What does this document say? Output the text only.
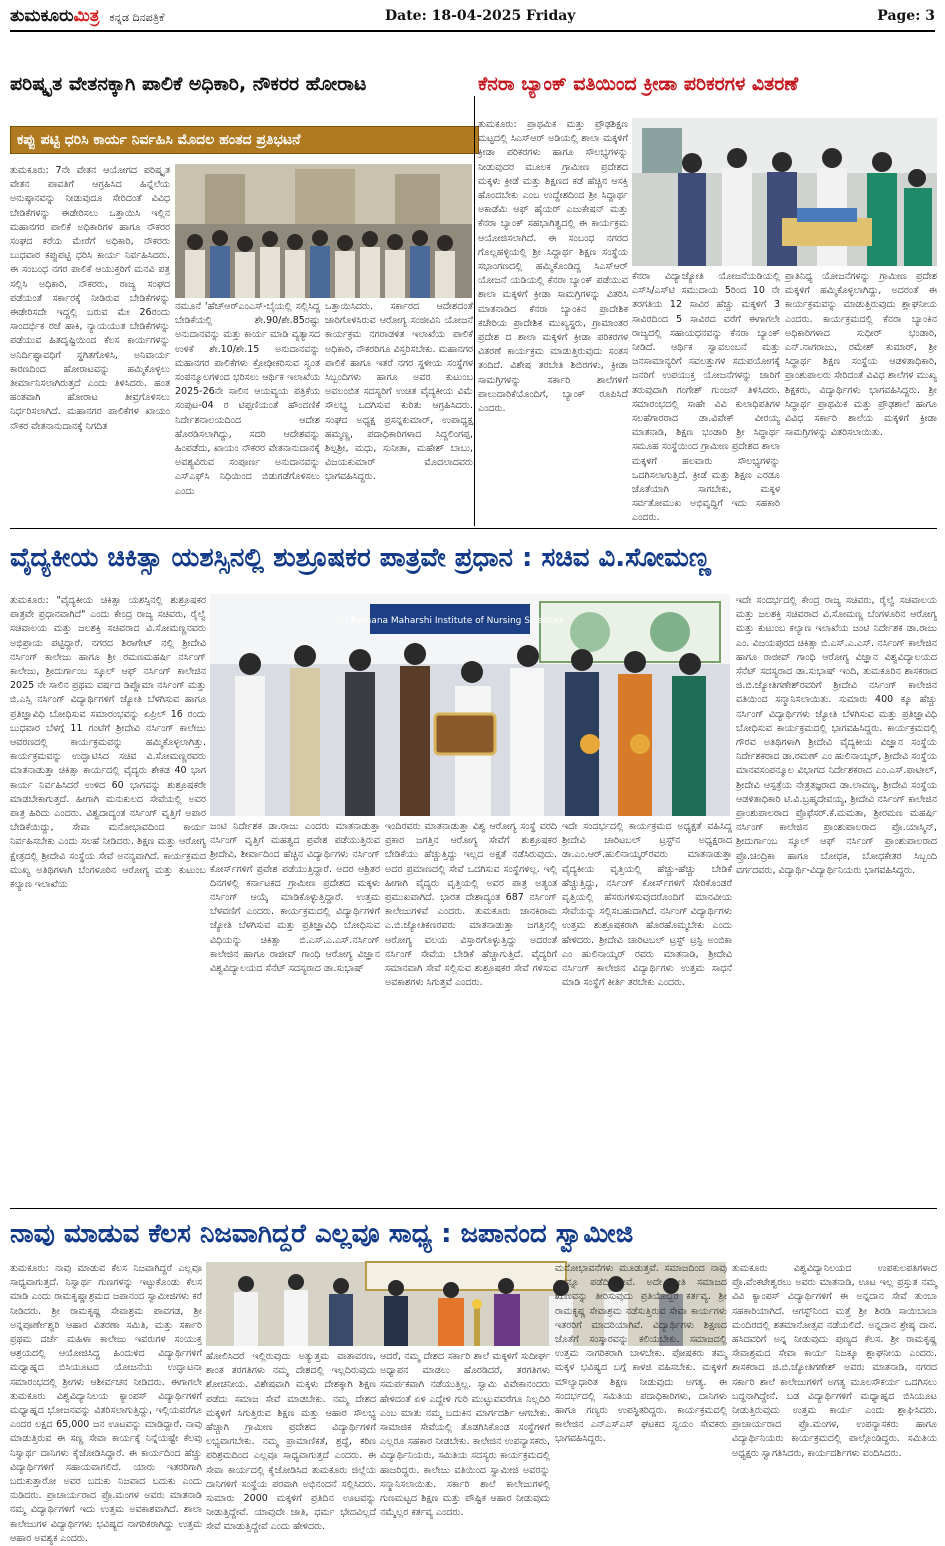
ತುಮಕೂರುಮಿತ್ರ ಕನ್ನಡ ದಿನಪತ್ರಿಕೆ	Date: 18-04-2025 Friday	Page: 3
ಪರಿಷ್ಕೃತ ವೇತನಕ್ಕಾಗಿ ಪಾಲಿಕೆ ಅಧಿಕಾರಿ, ನೌಕರರ ಹೋರಾಟ	ಕೆನರಾ ಬ್ಯಾಂಕ್ ವತಿಯಿಂದ ಕ್ರೀಡಾ ಪರಿಕರಗಳ ವಿತರಣೆ
ಕಪ್ಪು ಪಟ್ಟಿ ಧರಿಸಿ ಕಾರ್ಯ ನಿರ್ವಹಿಸಿ ಮೊದಲ ಹಂತದ ಪ್ರತಿಭಟನೆ
ತುಮಕೂರು: 7ನೇ ವೇತನ ಆಯೋಗದ ಪರಿಷ್ಕೃತ ವೇತನ ಪಾವತಿಗೆ ಆಗ್ರಹಿಸಿದ ಹಿನ್ನೆಲೆಯ ಅನುಷ್ಠಾನವನ್ನು ನೀಡುವುದೂ ಸೇರಿದಂತೆ ವಿವಿಧ ಬೇಡಿಕೆಗಳನ್ನು ಈಡೇರಿಸಲು ಒತ್ತಾಯಿಸಿ ಇಲ್ಲಿನ ಮಹಾನಗರ ಪಾಲಿಕೆ ಅಧಿಕಾರಿಗಳ ಹಾಗೂ ನೌಕರರ ಸಂಘದ ಕರೆಯ ಮೇರೆಗೆ ಅಧಿಕಾರಿ, ನೌಕರರು ಬುಧವಾರ ಕಪ್ಪುಪಟ್ಟಿ ಧರಿಸಿ ಕಾರ್ಯ ನಿರ್ವಹಿಸಿದರು. ಈ ಸಂಬಂಧ ನಗರ ಪಾಲಿಕೆ ಆಯುಕ್ತರಿಗೆ ಮನವಿ ಪತ್ರ ಸಲ್ಲಿಸಿ ಅಧಿಕಾರಿ, ನೌಕರರು, ರಾಜ್ಯ ಸಂಘದ ಪಡೆಯಂತೆ ಸರ್ಕಾರಕ್ಕೆ ನೀಡಿರುವ ಬೇಡಿಕೆಗಳನ್ನು ಈಡೇರಿಸದೇ ಇದ್ದಲ್ಲಿ ಬರುವ ಮೇ 26ರಂದು ಸಾಂದರ್ಭಿಕ ರಜೆ ಹಾಕಿ, ನ್ಯಾಯಯುತ ಬೇಡಿಕೆಗಳನ್ನು ಪಡೆಯುವ ಹಿತದೃಷ್ಟಿಯಿಂದ ಕೆಲಸ ಕಾರ್ಯಗಳನ್ನು ಅನಿರ್ದಿಷ್ಟಾವಧಿಗೆ ಸ್ಥಗಿತಗೊಳಿಸಿ, ಅನಿವಾರ್ಯ ಕಾರಣದಿಂದ ಹೋರಾಟವನ್ನು ಹಮ್ಮಿಕೊಳ್ಳಲು ತೀರ್ಮಾನಿಸಲಾಗಿರುತ್ತದೆ ಎಂದು ತಿಳಿಸಿದರು. ಹಂತ ಹಂತವಾಗಿ ಹೋರಾಟ ತೀವ್ರಗೊಳಿಸಲು ನಿರ್ಧರಿಸಲಾಗಿದೆ. ಮಹಾನಗರ ಪಾಲಿಕೆಗಳ ಖಾಯಂ ನೌಕರ ವೇತನಾನುದಾನಕ್ಕೆ ನಿಗದಿತ
ನಮೂನೆ 'ಹೆಚ್‌ಆರ್‌ಎಂಎಸ್-ಬೈಯಲ್ಲಿ ಸಲ್ಲಿಸಿದ್ದ ಬೇಡಿಕೆಯಲ್ಲಿ ಶೇ.90/ಶೇ.85ರಷ್ಟು ಅನುದಾನವನ್ನು ಮತ್ತು ಕಾರ್ಯ ಮಾಡಿ ವ್ಯತ್ಯಾಸದ ಉಳಿಕೆ ಶೇ.10/ಶೇ.15 ಅನುದಾನವನ್ನು ಮಹಾನಗರ ಪಾಲಿಕೆಗಳು ಕ್ರೋಢೀಕರಿಸುವ ಸ್ವಂತ ಸಂಪನ್ಮೂಲಗಳಿಂದ ಭರಿಸಲು ಆರ್ಥಿಕ ಇಲಾಖೆಯ 2025-26ನೇ ಸಾಲಿನ ಆಯವ್ಯಯ ಪತ್ರಿಕೆಯ ಸಂಪುಟ-04 ರ ಟಿಪ್ಪಣಿಯಂತೆ ಹೌಂದಣಿಕೆ ನಿರ್ದೇಶನಾಲಯದಿಂದ ಆದೇಶ ಹೊರಡಿಸಲಾಗಿದ್ದು, ಸದರಿ ಆದೇಶವನ್ನು ಹಿಂಪಡೆದು, ಖಾಯಂ ನೌಕರರ ವೇತನಾನುದಾನಕ್ಕೆ ಅವಶ್ಯವಿರುವ ಸಂಪೂರ್ಣ ಅನುದಾನವನ್ನು ಎಸ್‌ಎಫ್‌ಸಿ ನಿಧಿಯಿಂದ ಬಿಡುಗಡೆಗೊಳಿಸಲು ಎಂದು
ಒತ್ತಾಯಿಸಿದರು. ಸರ್ಕಾರದ ಆದೇಶದಂತೆ ಜಾರಿಗೊಳಿಸಿರುವ ಆರೋಗ್ಯ ಸಂಜೀವಿನಿ ಯೋಜನೆ ಕಾರ್ಯಕ್ರಮ ನಗರಾಡಳಿತ ಇಲಾಖೆಯ ಪಾಲಿಕೆ ಅಧಿಕಾರಿ, ನೌಕರರಿಗೂ ವಿಸ್ತರಿಸಬೇಕು. ಮಹಾನಗರ ಪಾಲಿಕೆ ಹಾಗೂ ಇತರೆ ನಗರ ಸ್ಥಳೀಯ ಸಂಸ್ಥೆಗಳ ಸಿಬ್ಬಂದಿಗಳು ಹಾಗೂ ಅವರ ಕುಟುಂಬ ಅವಲಂಬಿತ ಸದಸ್ಯರಿಗೆ ಉಚಿತ ವೈದ್ಯಕೀಯ ವಿಮೆ ಸೌಲಭ್ಯ ಒದಗಿಸುವ ಕುರಿತು ಆಗ್ರಹಿಸಿದರು. ಸಂಘದ ಅಧ್ಯಕ್ಷ ಪ್ರಸನ್ನಕುಮಾರ್, ಉಪಾಧ್ಯಕ್ಷ ಹಮ್ಮಣ್ಣ, ಪದಾಧಿಕಾರಿಗಳಾದ ಸಿದ್ದಲಿಂಗಪ್ಪ, ಶಿಲ್ಪಶ್ರೀ, ಮಧು, ಸುನೀತಾ, ಮಹೇಶ್ ಬಾಬು, ವಿಜಯಕುಮಾರ್ ಮೊದಲಾದವರು ಭಾಗವಹಿಸಿದ್ದರು.
ತುಮಕೂರು: ಪ್ರಾಥಮಿಕ ಮತ್ತು ಪ್ರೌಢಶಿಕ್ಷಣ ಮಟ್ಟದಲ್ಲಿ ಸಿಎಸ್‌ಆರ್ ಅಡಿಯಲ್ಲಿ ಶಾಲಾ ಮಕ್ಕಳಿಗೆ ಕ್ರೀಡಾ ಪರಿಕರಗಳು ಹಾಗೂ ಸೌಲಭ್ಯಗಳನ್ನು ನೀಡುವುದರ ಮೂಲಕ ಗ್ರಾಮೀಣ ಪ್ರದೇಶದ ಮಕ್ಕಳು ಕ್ರೀಡೆ ಮತ್ತು ಶಿಕ್ಷಣದ ಕಡೆ ಹೆಚ್ಚಿನ ಆಸಕ್ತಿ ಹೊಂದಬೇಕು ಎಂಬ ಉದ್ದೇಶದಿಂದ ಶ್ರೀ ಸಿದ್ದಾರ್ಥ ಅಕಾಡೆಮಿ ಆಫ್ ಹೈಯರ್ ಎಜುಕೇಷನ್ ಮತ್ತು ಕೆನರಾ ಬ್ಯಾಂಕ್ ಸಹಭಾಗಿತ್ವದಲ್ಲಿ ಈ ಕಾರ್ಯಕ್ರಮ ಆಯೋಜಿಸಲಾಗಿದೆ. ಈ ಸಂಬಂಧ ನಗರದ ಗೊಲ್ಲಹಳ್ಳಿಯಲ್ಲಿ ಶ್ರೀ ಸಿದ್ದಾರ್ಥ ಶಿಕ್ಷಣ ಸಂಸ್ಥೆಯ ಸಭಾಂಗಣದಲ್ಲಿ ಹಮ್ಮಿಕೊಂಡಿದ್ದ ಸಿಎಸ್‌ಆರ್ ಯೋಜನೆ ಯಡಿಯಲ್ಲಿ ಕೆನರಾ ಬ್ಯಾಂಕ್ ಪಡೆಯುವ ಶಾಲಾ ಮಕ್ಕಳಿಗೆ ಕ್ರೀಡಾ ಸಾಮಗ್ರಿಗಳನ್ನು ವಿತರಿಸಿ ಮಾತನಾಡಿದ ಕೆನರಾ ಬ್ಯಾಂಕಿನ ಪ್ರಾದೇಶಿಕ ಕಚೇರಿಯ ಪ್ರಾದೇಶಿಕ ಮುಖ್ಯಸ್ಥರು, ಗ್ರಾಮಾಂತರ ಪ್ರದೇಶ ದ ಶಾಲಾ ಮಕ್ಕಳಿಗೆ ಕ್ರೀಡಾ ಪರಿಕರಗಳ ವಿತರಣೆ ಕಾರ್ಯಕ್ರಮ ಮಾಡುತ್ತಿರುವುದು ಸಂತಸ ತಂದಿದೆ. ವಿಶೇಷ ತರಬೇತಿ ಶಿಬಿರಗಳು, ಕ್ರೀಡಾ ಸಾಮಗ್ರಿಗಳನ್ನು ಸರ್ಕಾರಿ ಶಾಲೆಗಳಿಗೆ ಪಾಲುದಾರಿಕೆಯೊಂದಿಗೆ, ಬ್ಯಾಂಕ್ ರೂಪಿಸಿದೆ ಎಂದರು.
ಕೆನರಾ ವಿದ್ಯಾಜ್ಯೋತಿ ಯೋಜನೆಯಡಿಯಲ್ಲಿ ಎಸ್‌ಸಿ/ಎಸ್‌ಟಿ ಸಮುದಾಯ 5ರಿಂದ 10 ನೇ ತರಗತಿಯ 12 ಸಾವಿರ ಹೆಚ್ಚು ಮಕ್ಕಳಿಗೆ 3 ಸಾವಿರದಿಂದ 5 ಸಾವಿರದ ವರೆಗೆ ಈಗಾಗಲೇ ರಾಜ್ಯದಲ್ಲಿ ಸಹಾಯಧನವನ್ನು ಕೆನರಾ ಬ್ಯಾಂಕ್ ನೀಡಿದೆ. ಆರ್ಥಿಕ ಸ್ವಾವಲಂಬನೆ ಮತ್ತು ಜನಸಾಮಾನ್ಯರಿಗೆ ಸವಲತ್ತುಗಳ ಸದುಪಯೋಗಕ್ಕೆ ಜನರಿಗೆ ಉಪಯುಕ್ತ ಯೋಜನೆಗಳನ್ನು ಜಾರಿಗೆ ತರುವುದಾಗಿ ಗಂಗೇಶ್ ಗುಂಜನ್ ತಿಳಿಸಿದರು. ಸಮಾರಂಭದಲ್ಲಿ ಸಾಹೇ ವಿವಿ ಕುಲಾಧಿಪತಿಗಳ ಸಲಹೆಗಾರರಾದ ಡಾ.ವಿವೇಕ್ ವೀರಯ್ಯ ಮಾತನಾಡಿ, ಶಿಕ್ಷಣ ಭಂಡಾರಿ ಶ್ರೀ ಸಿದ್ಧಾರ್ಥ ಸಮೂಹ ಸಂಸ್ಥೆಯಿಂದ ಗ್ರಾಮೀಣ ಪ್ರದೇಶದ ಶಾಲಾ ಮಕ್ಕಳಿಗೆ ಹಲವಾರು ಸೌಲಭ್ಯಗಳನ್ನು ಒದಗಿಸಲಾಗುತ್ತಿದೆ. ಕ್ರೀಡೆ ಮತ್ತು ಶಿಕ್ಷಣ ಎರಡೂ ಜೊತೆಯಾಗಿ ಸಾಗಬೇಕು, ಮಕ್ಕಳ ಸರ್ವತೋಮುಖ ಅಭಿವೃದ್ಧಿಗೆ ಇದು ಸಹಕಾರಿ ಎಂದರು.
ಪ್ರಾತಿನಿಧ್ಯ ಯೋಜನೆಗಳನ್ನು ಗ್ರಾಮೀಣ ಪ್ರದೇಶ ಮಕ್ಕಳಿಗೆ ಹಮ್ಮಿಕೊಳ್ಳಲಾಗಿದ್ದು, ಅದರಂತೆ ಈ ಕಾರ್ಯಕ್ರಮವನ್ನು ಮಾಡುತ್ತಿರುವುದು ಶ್ಲಾಘನೀಯ ಎಂದರು. ಕಾರ್ಯಕ್ರಮದಲ್ಲಿ ಕೆನರಾ ಬ್ಯಾಂಕಿನ ಅಧಿಕಾರಿಗಳಾದ ಸುಧೀರ್ ಭಂಡಾರಿ, ಎನ್.ನಾಗರಾಜು, ರಮೇಶ್ ಕುಮಾರ್, ಶ್ರೀ ಸಿದ್ಧಾರ್ಥ ಶಿಕ್ಷಣ ಸಂಸ್ಥೆಯ ಆಡಳಿತಾಧಿಕಾರಿ, ಪ್ರಾಂಶುಪಾಲರು ಸೇರಿದಂತೆ ವಿವಿಧ ಶಾಲೆಗಳ ಮುಖ್ಯ ಶಿಕ್ಷಕರು, ವಿದ್ಯಾರ್ಥಿಗಳು ಭಾಗವಹಿಸಿದ್ದರು. ಶ್ರೀ ಸಿದ್ಧಾರ್ಥ ಪ್ರಾಥಮಿಕ ಮತ್ತು ಪ್ರೌಢಶಾಲೆ ಹಾಗೂ ವಿವಿಧ ಸರ್ಕಾರಿ ಶಾಲೆಯ ಮಕ್ಕಳಿಗೆ ಕ್ರೀಡಾ ಸಾಮಗ್ರಿಗಳನ್ನು ವಿತರಿಸಲಾಯಿತು.
ವೈದ್ಯಕೀಯ ಚಿಕಿತ್ಸಾ ಯಶಸ್ಸಿನಲ್ಲಿ ಶುಶ್ರೂಷಕರ ಪಾತ್ರವೇ ಪ್ರಧಾನ : ಸಚಿವ ವಿ.ಸೋಮಣ್ಣ
ತುಮಕೂರು: "ವೈದ್ಯಕೀಯ ಚಿಕಿತ್ಸಾ ಯಶಸ್ಸಿನಲ್ಲಿ ಶುಶ್ರೂಷಕರ ಪಾತ್ರವೇ ಪ್ರಧಾನವಾಗಿದೆ" ಎಂದು ಕೇಂದ್ರ ರಾಜ್ಯ ಸಚಿವರು, ರೈಲ್ವೆ ಸಚಿವಾಲಯ ಮತ್ತು ಜಲಶಕ್ತಿ ಸಚಿವರಾದ ವಿ.ಸೋಮಣ್ಣನವರು ಅಭಿಪ್ರಾಯ ಪಟ್ಟಿದ್ದಾರೆ. ನಗರದ ಶಿರಾಗೇಟ್ ನಲ್ಲಿ ಶ್ರೀದೇವಿ ನರ್ಸಿಂಗ್ ಕಾಲೇಜು ಹಾಗೂ ಶ್ರೀ ರಮಣಮಹರ್ಷಿ ನರ್ಸಿಂಗ್ ಕಾಲೇಜು, ಶ್ರೀದುರ್ಗಾಂಬ ಸ್ಕೂಲ್ ಆಫ್ ನರ್ಸಿಂಗ್ ಕಾಲೇಜಿನ 2025 ನೇ ಸಾಲಿನ ಪ್ರಥಮ ವರ್ಷದ ಡಿಪ್ಲೊಮಾ ನರ್ಸಿಂಗ್ ಮತ್ತು ಬಿ.ಎಸ್ಸಿ ನರ್ಸಿಂಗ್ ವಿದ್ಯಾರ್ಥಿಗಳಿಗೆ ಜ್ಯೋತಿ ಬೆಳಗಿಸುವ ಹಾಗೂ ಪ್ರತಿಜ್ಞಾವಿಧಿ ಬೋಧಿಸುವ ಸಮಾರಂಭವನ್ನು ಏಪ್ರಿಲ್ 16 ರಂದು ಬುಧವಾರ ಬೆಳಗ್ಗೆ 11 ಗಂಟೆಗೆ ಶ್ರೀದೇವಿ ನರ್ಸಿಂಗ್ ಕಾಲೇಜು ಆವರಣದಲ್ಲಿ ಕಾರ್ಯಕ್ರಮವನ್ನು ಹಮ್ಮಿಕೊಳ್ಳಲಾಗಿತ್ತು. ಕಾರ್ಯಕ್ರಮವನ್ನು ಉದ್ಘಾಟಿಸಿದ ಸಚಿವ ವಿ.ಸೋಮಣ್ಣರವರು ಮಾತನಾಡುತ್ತಾ ಚಿಕಿತ್ಸಾ ಕಾರ್ಯದಲ್ಲಿ ವೈದ್ಯರು ಶೇಕಡ 40 ಭಾಗ ಕಾರ್ಯ ನಿರ್ವಹಿಸಿದರೆ ಉಳಿದ 60 ಭಾಗವನ್ನು ಶುಶ್ರೂಷಕರೇ ಮಾಡಬೇಕಾಗುತ್ತದೆ. ಹೀಗಾಗಿ ಮನುಕುಲದ ಸೇವೆಯಲ್ಲಿ ಅವರ ಪಾತ್ರ ಹಿರಿದು ಎಂದರು. ವಿಶ್ವದಾದ್ಯಂತ ನರ್ಸಿಂಗ್ ವೃತ್ತಿಗೆ ಅಪಾರ ಬೇಡಿಕೆಯಿದ್ದು, ಸೇವಾ ಮನೋಭಾವದಿಂದ ಕಾರ್ಯ ನಿರ್ವಹಿಸಬೇಕು ಎಂದು ಸಲಹೆ ನೀಡಿದರು. ಶಿಕ್ಷಣ ಮತ್ತು ಆರೋಗ್ಯ ಕ್ಷೇತ್ರದಲ್ಲಿ ಶ್ರೀದೇವಿ ಸಂಸ್ಥೆಯ ಸೇವೆ ಅನನ್ಯವಾಗಿದೆ. ಕಾರ್ಯಕ್ರಮದ ಮುಖ್ಯ ಅತಿಥಿಗಳಾಗಿ ಬೆಂಗಳೂರಿನ ಆರೋಗ್ಯ ಮತ್ತು ಕುಟುಂಬ ಕಲ್ಯಾಣ ಇಲಾಖೆಯ
Sri Ramana Maharshi Institute of Nursing Sciences
ಜಂಟಿ ನಿರ್ದೇಶಕ ಡಾ.ರಾಜು ಎಂದರು ಮಾತನಾಡುತ್ತಾ ನರ್ಸಿಂಗ್ ವೃತ್ತಿಗೆ ಮಹತ್ವದ ಪ್ರವೇಶ ಪಡೆಯುತ್ತಿರುವ ಶ್ರೀದೇವಿ, ಶೀರ್ವಾದಿಂದ ಹೆಚ್ಚಿನ ವಿದ್ಯಾರ್ಥಿಗಳು ನರ್ಸಿಂಗ್ ಕೋರ್ಸ್‌ಗಳಿಗೆ ಪ್ರವೇಶ ಪಡೆಯುತ್ತಿದ್ದಾರೆ. ಅದರ ಆಶ್ರಿತರ ದಿನಗಳಲ್ಲಿ ಕರ್ನಾಟಕದ ಗ್ರಾಮೀಣ ಪ್ರದೇಶದ ಮಕ್ಕಳು ನರ್ಸಿಂಗ್ ಆಯ್ಕೆ ಮಾಡಿಕೊಳ್ಳುತ್ತಿದ್ದಾರೆ. ಉತ್ತಮ ಬೆಳವಣಿಗೆ ಎಂದರು. ಕಾರ್ಯಕ್ರಮದಲ್ಲಿ ವಿದ್ಯಾರ್ಥಿಗಳಿಗೆ ಜ್ಯೋತಿ ಬೆಳಗಿಸುವ ಮತ್ತು ಪ್ರತಿಜ್ಞಾವಿಧಿ ಬೋಧಿಸುವ ವಿಧಿಯನ್ನು ಚಿಕಿತ್ಸಾ ಬಿ.ಎಸ್.ಎ.ಎಸ್.ನರ್ಸಿಂಗ್ ಕಾಲೇಜಿನ ಹಾಗೂ ರಾಜೀವ್ ಗಾಂಧಿ ಆರೋಗ್ಯ ವಿಜ್ಞಾನ ವಿಶ್ವವಿದ್ಯಾಲಯದ ಸೆನೆಟ್ ಸದಸ್ಯರಾದ ಡಾ.ಸುಭಾಷ್
ಇಂದಿರವರು ಮಾತನಾಡುತ್ತಾ ವಿಶ್ವ ಆರೋಗ್ಯ ಸಂಸ್ಥೆ ವರದಿ ಪ್ರಕಾರ ಜಗತ್ತಿನ ಆರೋಗ್ಯ ಸೇವೆಗೆ ಶುಶ್ರೂಷಕರ ಬೇಡಿಕೆಯು ಹೆಚ್ಚುತ್ತಿದ್ದು ಇಲ್ಲದ ಅಕ್ಷತೆ ನಡೆಸಿರುವುದು. ಅದರ ಪ್ರಮಾಣದಲ್ಲಿ ಸೇವೆ ಒದಗಿಸುವ ಸಂಸ್ಥೆಗಳಿಲ್ಲ. ಇಲ್ಲಿ ಹೀಗಾಗಿ ವೈದ್ಯರು ವೃತ್ತಿಯಲ್ಲಿ ಅವರ ಪಾತ್ರ ಅತ್ಯಂತ ಪ್ರಮುಖವಾಗಿದೆ. ಭಾರತ ದೇಶಾದ್ಯಂತ 687 ನರ್ಸಿಂಗ್ ಕಾಲೇಜುಗಳಿವೆ ಎಂದರು. ತುಮಕೂರು ಜಾನಕಿರಾಮ ಎ.ಬಿ.ಜ್ಯೋತಿಕಣರವರು ಮಾತನಾಡುತ್ತಾ ಜಗತ್ತಿನಲ್ಲಿ ಆರೋಗ್ಯ ವಲಯ ವಿಸ್ತಾರಗೊಳ್ಳುತ್ತಿದ್ದು ಅದರಂತೆ ನರ್ಸಿಂಗ್ ಸೇವೆಯ ಬೇಡಿಕೆ ಹೆಚ್ಚಾಗುತ್ತಿದೆ. ವೈದ್ಯರಿಗೆ ಸಮಾನವಾಗಿ ಸೇವೆ ಸಲ್ಲಿಸುವ ಶುಶ್ರೂಷಕರ ಸೇವೆ ಗಳಿಸುವ ಅವಕಾಶಗಳು ಸಿಗುತ್ತವೆ ಎಂದರು.
ಇದೇ ಸಂದರ್ಭದಲ್ಲಿ ಕಾರ್ಯಕ್ರಮದ ಅಧ್ಯಕ್ಷತೆ ವಹಿಸಿದ್ದ ಶ್ರೀದೇವಿ ಚಾರಿಟಬಲ್ ಟ್ರಸ್ಟ್‌ನ ಅಧ್ಯಕ್ಷರಾದ ಡಾ.ಎಂ.ಆರ್.ಹುಲಿನಾಯ್ಕರ್‌ರವರು ಮಾತನಾಡುತ್ತಾ ವೈದ್ಯಕೀಯ ವೃತ್ತಿಯಲ್ಲಿ ಹೆಚ್ಚು-ಹೆಚ್ಚು ಬೇಡಿಕೆ ಹೆಚ್ಚುತ್ತಿದ್ದು, ನರ್ಸಿಂಗ್ ಕೋರ್ಸ್‌ಗಳಿಗೆ ಸೇರಿಕೊಂಡರೆ ವೃತ್ತಿಯಲ್ಲಿ ಹೆಸರುಗಳಿಸುವುದರೊಂದಿಗೆ ಮಾನವೀಯ ಸೇವೆಯನ್ನು ಸಲ್ಲಿಸಬಹುದಾಗಿದೆ. ನರ್ಸಿಂಗ್ ವಿದ್ಯಾರ್ಥಿಗಳು ಉತ್ತಮ ಶುಶ್ರೂಷಕರಾಗಿ ಹೊರಹೊಮ್ಮಬೇಕು ಎಂದು ಹೇಳಿದರು. ಶ್ರೀದೇವಿ ಚಾರಿಟಬಲ್ ಟ್ರಸ್ಟ್ ಟ್ರಸ್ಟಿ ಅಂಬಿಕಾ ಎಂ ಹುಲಿನಾಯ್ಕರ್ ರವರು ಮಾತನಾಡಿ, ಶ್ರೀದೇವಿ ನರ್ಸಿಂಗ್ ಕಾಲೇಜಿನ ವಿದ್ಯಾರ್ಥಿಗಳು ಉತ್ತಮ ಸಾಧನೆ ಮಾಡಿ ಸಂಸ್ಥೆಗೆ ಕೀರ್ತಿ ತರಬೇಕು ಎಂದರು.
ಇದೇ ಸಂದರ್ಭದಲ್ಲಿ ಕೇಂದ್ರ ರಾಜ್ಯ ಸಚಿವರು, ರೈಲ್ವೆ ಸಚಿವಾಲಯ ಮತ್ತು ಜಲಶಕ್ತಿ ಸಚಿವರಾದ ವಿ.ಸೋಮಣ್ಣ ಬೆಂಗಳೂರಿನ ಆರೋಗ್ಯ ಮತ್ತು ಕುಟುಂಬ ಕಲ್ಯಾಣ ಇಲಾಖೆಯ ಜಂಟಿ ನಿರ್ದೇಶಕ ಡಾ.ರಾಜು ಎಂ. ವಿಜಯಪುರದ ಚಿಕಿತ್ಸಾ ಬಿ.ಎಸ್.ಎ.ಎಸ್. ನರ್ಸಿಂಗ್ ಕಾಲೇಜಿನ ಹಾಗೂ ರಾಜೀವ್ ಗಾಂಧಿ ಆರೋಗ್ಯ ವಿಜ್ಞಾನ ವಿಶ್ವವಿದ್ಯಾಲಯದ ಸೆನೆಟ್ ಸದಸ್ಯರಾದ ಡಾ.ಸುಭಾಷ್ ಇಂದಿ, ತುಮಕೂರಿನ ಶಾಸಕರಾದ ಜಿ.ಬಿ.ಜ್ಯೋತಿಗಣೇಶ್‌ರವರಿಗೆ ಶ್ರೀದೇವಿ ನರ್ಸಿಂಗ್ ಕಾಲೇಜಿನ ವತಿಯಿಂದ ಸನ್ಮಾನಿಸಲಾಯಿತು. ಸುಮಾರು 400 ಕ್ಕೂ ಹೆಚ್ಚು ನರ್ಸಿಂಗ್ ವಿದ್ಯಾರ್ಥಿಗಳು ಜ್ಯೋತಿ ಬೆಳಗಿಸುವ ಮತ್ತು ಪ್ರತಿಜ್ಞಾವಿಧಿ ಬೋಧಿಸುವ ಕಾರ್ಯಕ್ರಮದಲ್ಲಿ ಭಾಗವಹಿಸಿದ್ದರು. ಕಾರ್ಯಕ್ರಮದಲ್ಲಿ ಗೌರವ ಅತಿಥಿಗಳಾಗಿ ಶ್ರೀದೇವಿ ವೈದ್ಯಕೀಯ ವಿಜ್ಞಾನ ಸಂಸ್ಥೆಯ ನಿರ್ದೇಶಕರಾದ ಡಾ.ರಮಣ್ ಎಂ ಹುಲಿನಾಯ್ಕರ್, ಶ್ರೀದೇವಿ ಸಂಸ್ಥೆಯ ಮಾನವಸಂಪನ್ಮೂಲ ವಿಭಾಗದ ನಿರ್ದೇಶಕರಾದ ಎಂ.ಎಸ್.ಪಾಟೀಲ್, ಶ್ರೀದೇವಿ ಆಸ್ಪತ್ರೆಯ ನೇತ್ರತಜ್ಞರಾದ ಡಾ.ಲಾವಣ್ಯ, ಶ್ರೀದೇವಿ ಸಂಸ್ಥೆಯ ಆಡಳಿತಾಧಿಕಾರಿ ಟಿ.ವಿ.ಬ್ರಹ್ಮದೇವಯ್ಯ, ಶ್ರೀದೇವಿ ನರ್ಸಿಂಗ್ ಕಾಲೇಜಿನ ಪ್ರಾಂಶುಪಾಲರಾದ ಪ್ರೊಫೆಸರ್.ಕೆ.ಮಮತಾ, ಶ್ರೀರಮಣ ಮಹರ್ಷಿ ನರ್ಸಿಂಗ್ ಕಾಲೇಜಿನ ಪ್ರಾಂಶುಪಾಲರಾದ ಪ್ರೊ.ಯಾಸ್ಮಿನ್, ಶ್ರೀದುರ್ಗಾಂಬ ಸ್ಕೂಲ್ ಆಫ್ ನರ್ಸಿಂಗ್ ಪ್ರಾಂಶುಪಾಲರಾದ ಪ್ರೊ.ಚಂದ್ರಿಕಾ ಹಾಗೂ ಬೋಧಕ, ಬೋಧಕೇತರ ಸಿಬ್ಬಂದಿ ವರ್ಗದವರು, ವಿದ್ಯಾರ್ಥಿ-ವಿದ್ಯಾರ್ಥಿನಿಯರು ಭಾಗವಹಿಸಿದ್ದರು.
ನಾವು ಮಾಡುವ ಕೆಲಸ ನಿಜವಾಗಿದ್ದರೆ ಎಲ್ಲವೂ ಸಾಧ್ಯ : ಜಪಾನಂದ ಸ್ವಾಮೀಜಿ
ತುಮಕೂರು: ನಾವು ಮಾಡುವ ಕೆಲಸ ನಿಜವಾಗಿದ್ದರೆ ಎಲ್ಲವೂ ಸಾಧ್ಯವಾಗುತ್ತದೆ. ನಿಸ್ವಾರ್ಥ ಗುಣಗಳನ್ನು ಇಟ್ಟುಕೊಂಡು ಕೆಲಸ ಮಾಡಿ ಎಂದು ರಾಮಕೃಷ್ಣಾಶ್ರಮದ ಜಪಾನಂದ ಸ್ವಾಮೀಜಿಗಳು ಕರೆ ನೀಡಿದರು. ಶ್ರೀ ರಾಮಕೃಷ್ಣ ಸೇವಾಶ್ರಮ ಪಾವಗಡ, ಶ್ರೀ ಅನ್ನಪೂರ್ಣೇಶ್ವರಿ ಆಹಾರ ವಿತರಣಾ ಸಮಿತಿ, ಮತ್ತು ಸರ್ಕಾರಿ ಪ್ರಥಮ ದರ್ಜೆ ಮಹಿಳಾ ಕಾಲೇಜು ಇವರುಗಳ ಸಂಯುಕ್ತ ಆಶ್ರಯದಲ್ಲಿ ಆಯೋಜಿಸಿದ್ದ ಹಿಂದುಳಿದ ವಿದ್ಯಾರ್ಥಿಗಳಿಗೆ ಮಧ್ಯಾಹ್ನದ ಬಿಸಿಯೂಟದ ಯೋಜನೆಯ ಉದ್ಘಾಟನಾ ಸಮಾರಂಭದಲ್ಲಿ ಶ್ರೀಗಳು ಆಶೀರ್ವಚನ ನೀಡಿದರು. ಈಗಾಗಲೇ ತುಮಕೂರು ವಿಶ್ವವಿದ್ಯಾನಿಲಯ ಕ್ಯಾಂಪಸ್ ವಿದ್ಯಾರ್ಥಿಗಳಿಗೆ ಮಧ್ಯಾಹ್ನದ ಭೋಜನವನ್ನು ವಿತರಿಸಲಾಗುತ್ತಿದ್ದು, ಇಲ್ಲಿಯವರೆಗೂ ಎಂದರ ಲಕ್ಷದ 65,000 ಜನ ಊಟವನ್ನು ಮಾಡಿದ್ದಾರೆ. ನಾವು ಮಾಡುತ್ತಿರುವ ಈ ಸಣ್ಣ ಸೇವಾ ಕಾರ್ಯಕ್ಕೆ ನಿನ್ನೆಯಷ್ಟೇ ಕೆಲವು ನಿಸ್ವಾರ್ಥ ದಾನಿಗಳು ಕೈಜೋಡಿಸಿದ್ದಾರೆ. ಈ ಕಾರ್ಯದಿಂದ ಹೆಚ್ಚು ವಿದ್ಯಾರ್ಥಿಗಳಿಗೆ ಸಹಾಯವಾಗಲಿದೆ. ಯಾರು ಇತರರಿಗಾಗಿ ಬದುಕುತ್ತಾರೋ ಅವರ ಬದುಕು ನಿಜವಾದ ಬದುಕು ಎಂದು ನುಡಿದರು. ಪ್ರಾಚಾರ್ಯರಾದ ಪ್ರೊ.ಮಂಗಳ ಅವರು ಮಾತನಾಡಿ ನಮ್ಮ ವಿದ್ಯಾರ್ಥಿಗಳಿಗೆ ಇದು ಉತ್ತಮ ಅವಕಾಶವಾಗಿದೆ. ಶಾಲಾ ಕಾಲೇಜುಗಳ ವಿದ್ಯಾರ್ಥಿಗಳು ಭವಿಷ್ಯದ ನಾಗರಿಕರಾಗಿದ್ದು ಉತ್ತಮ ಆಹಾರ ಅವಶ್ಯಕ ಎಂದರು.
ಹೋಲಿಸಿದರೆ ಇಲ್ಲಿರುವುದು ಅತ್ಯುತ್ತಮ ವಾತಾವರಣ, ಶಾಂತ ತರಗತಿಗಳು ನಮ್ಮ ದೇಶದಲ್ಲಿ ಇಲ್ಲದಿರುವುದು ಶೋಚನೀಯ. ವಿಶೇಷವಾಗಿ ಮಕ್ಕಳು ದೇಶಕ್ಕಾಗಿ ಶಿಕ್ಷಣ ಪಡೆದು ಸಮಾಜ ಸೇವೆ ಮಾಡಬೇಕು. ನಮ್ಮ ದೇಶದ ಮಕ್ಕಳಿಗೆ ಸಿಗುತ್ತಿರುವ ಶಿಕ್ಷಣ ಮತ್ತು ಆಹಾರ ಸೌಲಭ್ಯ ಹೆಚ್ಚಾಗಿ ಗ್ರಾಮೀಣ ಪ್ರದೇಶದ ವಿದ್ಯಾರ್ಥಿಗಳಿಗೆ ಲಭ್ಯವಾಗಬೇಕು. ನಮ್ಮ ಪ್ರಾಮಾಣಿಕತೆ, ಶ್ರದ್ಧೆ, ಕಠಿಣ ಪರಿಶ್ರಮದಿಂದ ಎಲ್ಲವೂ ಸಾಧ್ಯವಾಗುತ್ತದೆ ಎಂದರು. ಈ ಸೇವಾ ಕಾರ್ಯದಲ್ಲಿ ಕೈಜೋಡಿಸಿದ ತುಮಕೂರು ಜಿಲ್ಲೆಯ ದಾನಿಗಳಿಗೆ ಸಂಸ್ಥೆಯ ಪರವಾಗಿ ಅಭಿನಂದನೆ ಸಲ್ಲಿಸಿದರು. ಸುಮಾರು 2000 ಮಕ್ಕಳಿಗೆ ಪ್ರತಿದಿನ ಊಟವನ್ನು ನೀಡುತ್ತಿದ್ದೇವೆ. ಯಾವುದೇ ಜಾತಿ, ಧರ್ಮ ಭೇದವಿಲ್ಲದೆ ಸೇವೆ ಮಾಡುತ್ತಿದ್ದೇವೆ ಎಂದು ಹೇಳಿದರು.
ಆದರೆ, ನಮ್ಮ ದೇಶದ ಸರ್ಕಾರಿ ಶಾಲೆ ಮಕ್ಕಳಿಗೆ ಸುದೀರ್ಘ ಅಧ್ಯಾಪನ ಮಾಡಲು ಹೊರಡಿದರೆ, ತರಗತಿಗಳು ಸಮರ್ಪಕವಾಗಿ ನಡೆಯುತ್ತಿಲ್ಲ. ಸ್ವಾಮಿ ವಿವೇಕಾನಂದರು ಹೇಳಿದಂತೆ ಏಳಿ ಎದ್ದೇಳಿ ಗುರಿ ಮುಟ್ಟುವವರೆಗೂ ನಿಲ್ಲದಿರಿ ಎಂಬ ಮಾತು ನಮ್ಮ ಬದುಕಿನ ಮಾರ್ಗದರ್ಶಿ ಆಗಬೇಕು. ಸಾಮಾಜಿಕ ಸೇವೆಯಲ್ಲಿ ತೊಡಗಿಸಿಕೊಂಡ ಸಂಸ್ಥೆಗಳಿಗೆ ಎಲ್ಲರೂ ಸಹಕಾರ ನೀಡಬೇಕು. ಕಾಲೇಜಿನ ಉಪನ್ಯಾಸಕರು, ವಿದ್ಯಾರ್ಥಿನಿಯರು, ಸಮಿತಿಯ ಸದಸ್ಯರು ಕಾರ್ಯಕ್ರಮದಲ್ಲಿ ಹಾಜರಿದ್ದರು. ಕಾಲೇಜು ವತಿಯಿಂದ ಸ್ವಾಮೀಜಿ ಅವರನ್ನು ಸನ್ಮಾನಿಸಲಾಯಿತು. ಸರ್ಕಾರಿ ಶಾಲೆ ಕಾಲೇಜುಗಳಲ್ಲಿ ಗುಣಮಟ್ಟದ ಶಿಕ್ಷಣ ಮತ್ತು ಪೌಷ್ಟಿಕ ಆಹಾರ ನೀಡುವುದು ನಮ್ಮೆಲ್ಲರ ಕರ್ತವ್ಯ ಎಂದರು.
ಮನೋಭಾವನೆಗಳು ಮೂಡುತ್ತವೆ. ಸಮಾಜದಿಂದ ನಾವು ಏನನ್ನೂ ಪಡೆದಿರುತ್ತೇವೆ. ಅದೇ ರೀತಿ ಸಮಾಜದ ಋಣವನ್ನು ತೀರಿಸುವುದು ಪ್ರತಿಯೊಬ್ಬರ ಕರ್ತವ್ಯ. ಶ್ರೀ ರಾಮಕೃಷ್ಣ ಸೇವಾಶ್ರಮ ನಡೆಸುತ್ತಿರುವ ಸೇವಾ ಕಾರ್ಯಗಳು ಇತರರಿಗೆ ಮಾದರಿಯಾಗಿವೆ. ವಿದ್ಯಾರ್ಥಿಗಳು ಶಿಕ್ಷಣದ ಜೊತೆಗೆ ಸಂಸ್ಕಾರವನ್ನು ಕಲಿಯಬೇಕು. ಸಮಾಜದಲ್ಲಿ ಉತ್ತಮ ನಾಗರಿಕರಾಗಿ ಬಾಳಬೇಕು. ಪೋಷಕರು ತಮ್ಮ ಮಕ್ಕಳ ಭವಿಷ್ಯದ ಬಗ್ಗೆ ಕಾಳಜಿ ವಹಿಸಬೇಕು. ಮಕ್ಕಳಿಗೆ ಮೌಲ್ಯಾಧಾರಿತ ಶಿಕ್ಷಣ ನೀಡುವುದು ಅಗತ್ಯ. ಈ ಸಂದರ್ಭದಲ್ಲಿ ಸಮಿತಿಯ ಪದಾಧಿಕಾರಿಗಳು, ದಾನಿಗಳು ಹಾಗೂ ಗಣ್ಯರು ಉಪಸ್ಥಿತರಿದ್ದರು. ಕಾರ್ಯಕ್ರಮದಲ್ಲಿ ಕಾಲೇಜಿನ ಎನ್‌ಎಸ್‌ಎಸ್ ಘಟಕದ ಸ್ವಯಂ ಸೇವಕರು ಭಾಗವಹಿಸಿದ್ದರು.
ತುಮಕೂರು ವಿಶ್ವವಿದ್ಯಾನಿಲಯದ ಉಪಕುಲಪತಿಗಳಾದ ಪ್ರೊ.ವೆಂಕಟೇಶ್ವರಲು ಅವರು ಮಾತನಾಡಿ, ಊಟ ಇಲ್ಲ ಪ್ರಸ್ತುತ ನಮ್ಮ ವಿವಿ ಕ್ಯಾಂಪಸ್ ವಿದ್ಯಾರ್ಥಿಗಳಿಗೆ ಈ ಅನ್ನದಾನ ಸೇವೆ ತುಂಬಾ ಸಹಕಾರಿಯಾಗಿದೆ. ಆಗಸ್ಟ್‌ನಿಂದ ಮತ್ತೆ ಶ್ರೀ ಶಿರಡಿ ಸಾಯಿಬಾಬಾ ಮಂದಿರದಲ್ಲಿ ಶತಮಾನೋತ್ಸವ ನಡೆಯಲಿದೆ. ಅನ್ನದಾನ ಶ್ರೇಷ್ಠ ದಾನ. ಹಸಿದವರಿಗೆ ಅನ್ನ ನೀಡುವುದು ಪುಣ್ಯದ ಕೆಲಸ. ಶ್ರೀ ರಾಮಕೃಷ್ಣ ಸೇವಾಶ್ರಮದ ಸೇವಾ ಕಾರ್ಯ ನಿಜಕ್ಕೂ ಶ್ಲಾಘನೀಯ ಎಂದರು. ಶಾಸಕರಾದ ಜಿ.ಬಿ.ಜ್ಯೋತಿಗಣೇಶ್ ಅವರು ಮಾತನಾಡಿ, ನಗರದ ಸರ್ಕಾರಿ ಶಾಲೆ ಕಾಲೇಜುಗಳಿಗೆ ಅಗತ್ಯ ಮೂಲಸೌಕರ್ಯ ಒದಗಿಸಲು ಬದ್ಧನಾಗಿದ್ದೇನೆ. ಬಡ ವಿದ್ಯಾರ್ಥಿಗಳಿಗೆ ಮಧ್ಯಾಹ್ನದ ಬಿಸಿಯೂಟ ನೀಡುತ್ತಿರುವುದು ಉತ್ತಮ ಕಾರ್ಯ ಎಂದು ಶ್ಲಾಘಿಸಿದರು. ಪ್ರಾಚಾರ್ಯರಾದ ಪ್ರೊ.ಮಂಗಳ, ಉಪನ್ಯಾಸಕರು ಹಾಗೂ ವಿದ್ಯಾರ್ಥಿನಿಯರು ಕಾರ್ಯಕ್ರಮದಲ್ಲಿ ಪಾಲ್ಗೊಂಡಿದ್ದರು. ಸಮಿತಿಯ ಅಧ್ಯಕ್ಷರು ಸ್ವಾಗತಿಸಿದರು, ಕಾರ್ಯದರ್ಶಿಗಳು ವಂದಿಸಿದರು.
